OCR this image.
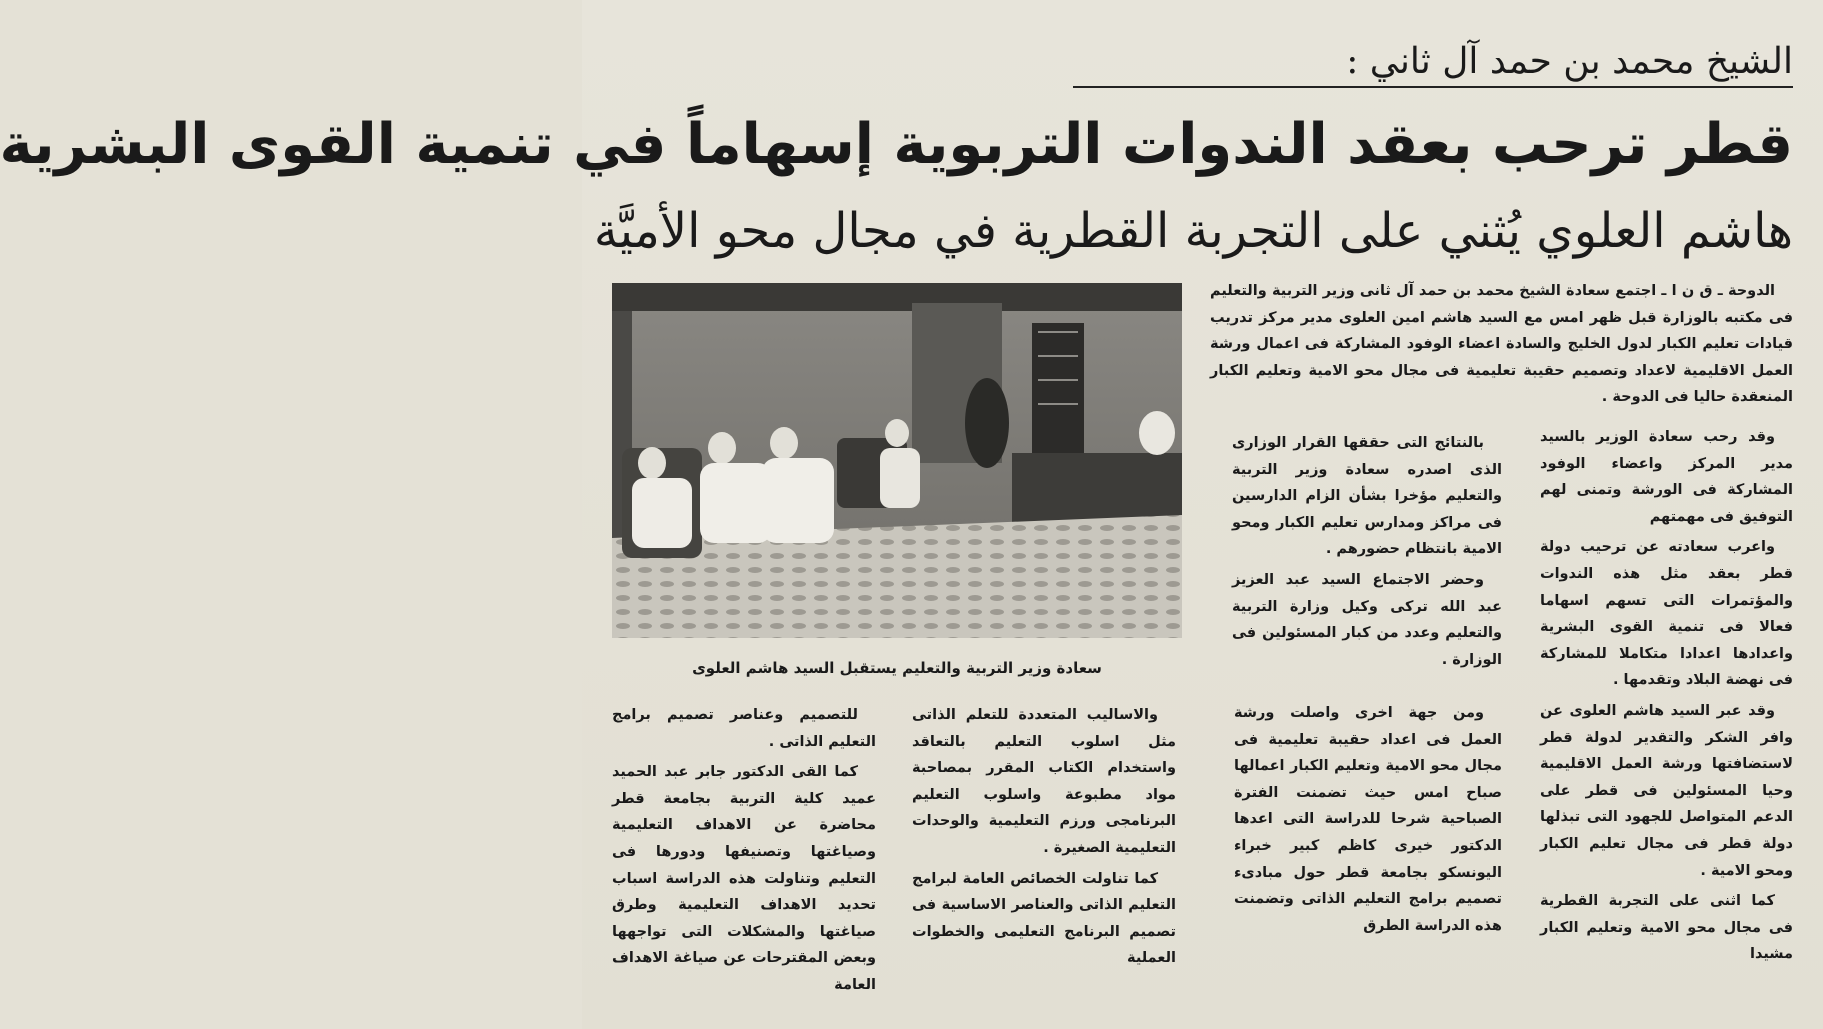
الشيخ محمد بن حمد آل ثاني :
قطر ترحب بعقد الندوات التربوية إسهاماً في تنمية القوى البشرية
هاشم العلوي يُثني على التجربة القطرية في مجال محو الأميَّة
سعادة وزير التربية والتعليم يستقبل السيد هاشم العلوى

الدوحة ـ ق ن ا ـ اجتمع سعادة الشيخ محمد بن حمد آل ثانى وزير التربية والتعليم فى مكتبه بالوزارة قبل ظهر امس مع السيد هاشم امين العلوى مدير مركز تدريب قيادات تعليم الكبار لدول الخليج والسادة اعضاء الوفود المشاركة فى اعمال ورشة العمل الاقليمية لاعداد وتصميم حقيبة تعليمية فى مجال محو الامية وتعليم الكبار المنعقدة حاليا فى الدوحة .

وقد رحب سعادة الوزير بالسيد مدير المركز واعضاء الوفود المشاركة فى الورشة وتمنى لهم التوفيق فى مهمتهم

واعرب سعادته عن ترحيب دولة قطر بعقد مثل هذه الندوات والمؤتمرات التى تسهم اسهاما فعالا فى تنمية القوى البشرية واعدادها اعدادا متكاملا للمشاركة فى نهضة البلاد وتقدمها .

وقد عبر السيد هاشم العلوى عن وافر الشكر والتقدير لدولة قطر لاستضافتها ورشة العمل الاقليمية وحيا المسئولين فى قطر على الدعم المتواصل للجهود التى تبذلها دولة قطر فى مجال تعليم الكبار ومحو الامية .

كما اثنى على التجربة القطرية فى مجال محو الامية وتعليم الكبار مشيدا

بالنتائج التى حققها القرار الوزارى الذى اصدره سعادة وزير التربية والتعليم مؤخرا بشأن الزام الدارسين فى مراكز ومدارس تعليم الكبار ومحو الامية بانتظام حضورهم .

وحضر الاجتماع السيد عبد العزيز عبد الله تركى وكيل وزارة التربية والتعليم وعدد من كبار المسئولين فى الوزارة .

ومن جهة اخرى واصلت ورشة العمل فى اعداد حقيبة تعليمية فى مجال محو الامية وتعليم الكبار اعمالها صباح امس حيث تضمنت الفترة الصباحية شرحا للدراسة التى اعدها الدكتور خيرى كاظم كبير خبراء اليونسكو بجامعة قطر حول مبادىء تصميم برامج التعليم الذاتى وتضمنت هذه الدراسة الطرق

والاساليب المتعددة للتعلم الذاتى مثل اسلوب التعليم بالتعاقد واستخدام الكتاب المقرر بمصاحبة مواد مطبوعة واسلوب التعليم البرنامجى ورزم التعليمية والوحدات التعليمية الصغيرة .

كما تناولت الخصائص العامة لبرامج التعليم الذاتى والعناصر الاساسية فى تصميم البرنامج التعليمى والخطوات العملية

للتصميم وعناصر تصميم برامج التعليم الذاتى .

كما القى الدكتور جابر عبد الحميد عميد كلية التربية بجامعة قطر محاضرة عن الاهداف التعليمية وصياغتها وتصنيفها ودورها فى التعليم وتناولت هذه الدراسة اسباب تحديد الاهداف التعليمية وطرق صياغتها والمشكلات التى تواجهها وبعض المقترحات عن صياغة الاهداف العامة
